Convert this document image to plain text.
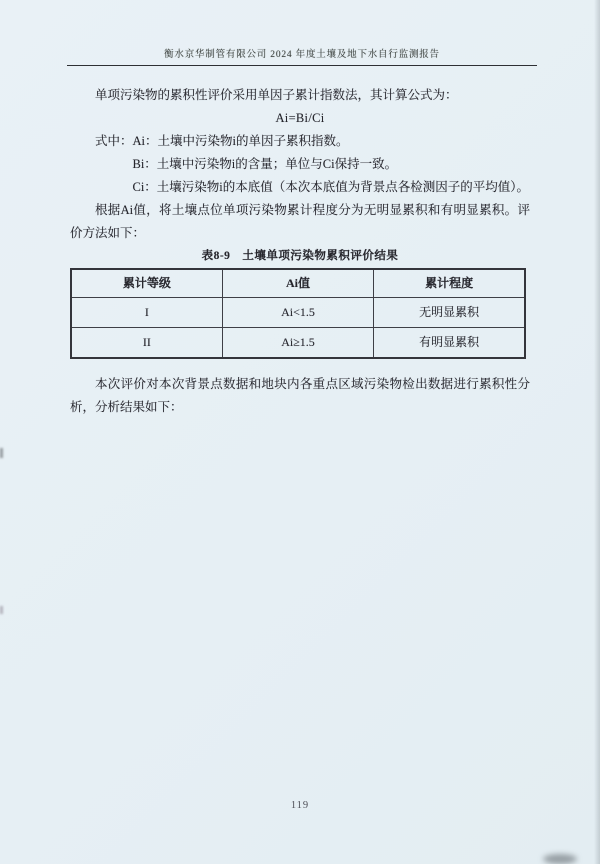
衡水京华制管有限公司 2024 年度土壤及地下水自行监测报告

单项污染物的累积性评价采用单因子累计指数法，其计算公式为：

Ai=Bi/Ci

式中：Ai：土壤中污染物i的单因子累积指数。

Bi：土壤中污染物i的含量；单位与Ci保持一致。

Ci：土壤污染物i的本底值（本次本底值为背景点各检测因子的平均值）。

根据Ai值，将土壤点位单项污染物累计程度分为无明显累积和有明显累积。评价方法如下：

表8-9　土壤单项污染物累积评价结果
累计等级	Ai值	累计程度
I	Ai<1.5	无明显累积
II	Ai≥1.5	有明显累积

本次评价对本次背景点数据和地块内各重点区域污染物检出数据进行累积性分析，分析结果如下：

119
